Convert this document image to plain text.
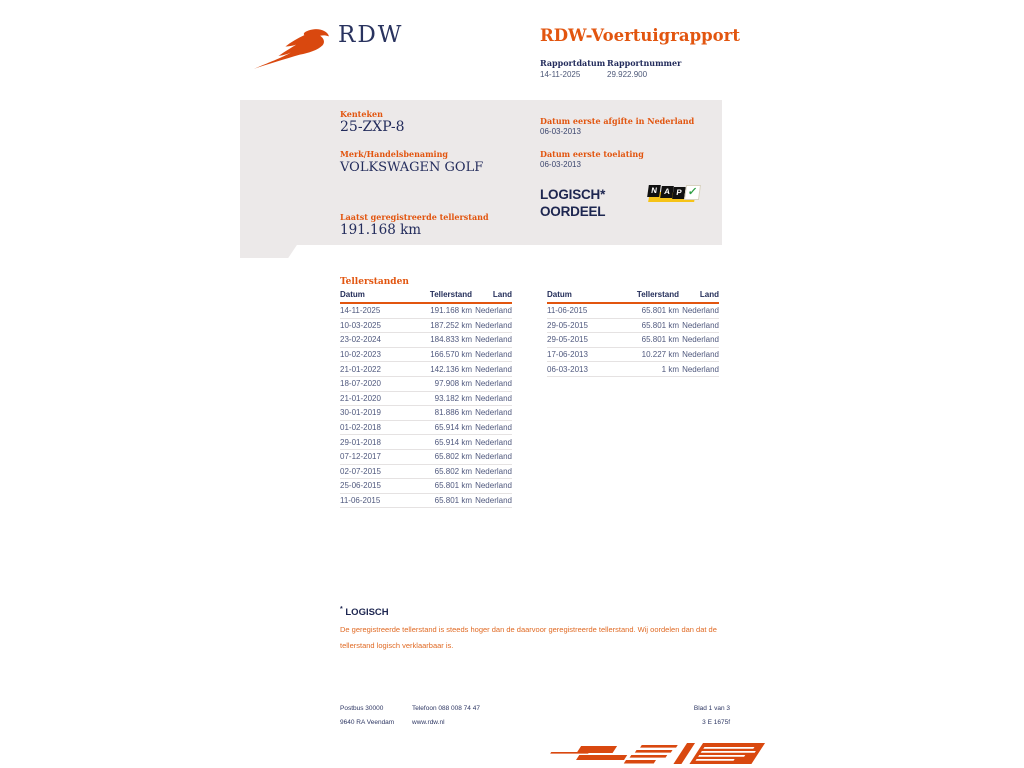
RDW	RDW-Voertuigrapport
Rapportdatum Rapportnummer
14-11-2025	29.922.900
Kenteken
25-ZXP-8
Merk/Handelsbenaming
VOLKSWAGEN GOLF
Laatst geregistreerde tellerstand
191.168 km
Datum eerste afgifte in Nederland
06-03-2013
Datum eerste toelating
06-03-2013
LOGISCH*
OORDEEL
N A P ✓
Tellerstanden
Datum	Tellerstand	Land
14-11-2025	191.168 km	Nederland
10-03-2025	187.252 km	Nederland
23-02-2024	184.833 km	Nederland
10-02-2023	166.570 km	Nederland
21-01-2022	142.136 km	Nederland
18-07-2020	97.908 km	Nederland
21-01-2020	93.182 km	Nederland
30-01-2019	81.886 km	Nederland
01-02-2018	65.914 km	Nederland
29-01-2018	65.914 km	Nederland
07-12-2017	65.802 km	Nederland
02-07-2015	65.802 km	Nederland
25-06-2015	65.801 km	Nederland
11-06-2015	65.801 km	Nederland
Datum	Tellerstand	Land
11-06-2015	65.801 km	Nederland
29-05-2015	65.801 km	Nederland
29-05-2015	65.801 km	Nederland
17-06-2013	10.227 km	Nederland
06-03-2013	1 km	Nederland
* LOGISCH
De geregistreerde tellerstand is steeds hoger dan de daarvoor geregistreerde tellerstand. Wij oordelen dan dat de tellerstand logisch verklaarbaar is.
Postbus 30000
9640 RA Veendam
Telefoon 088 008 74 47
www.rdw.nl
Blad 1 van 3
3 E 1675f
